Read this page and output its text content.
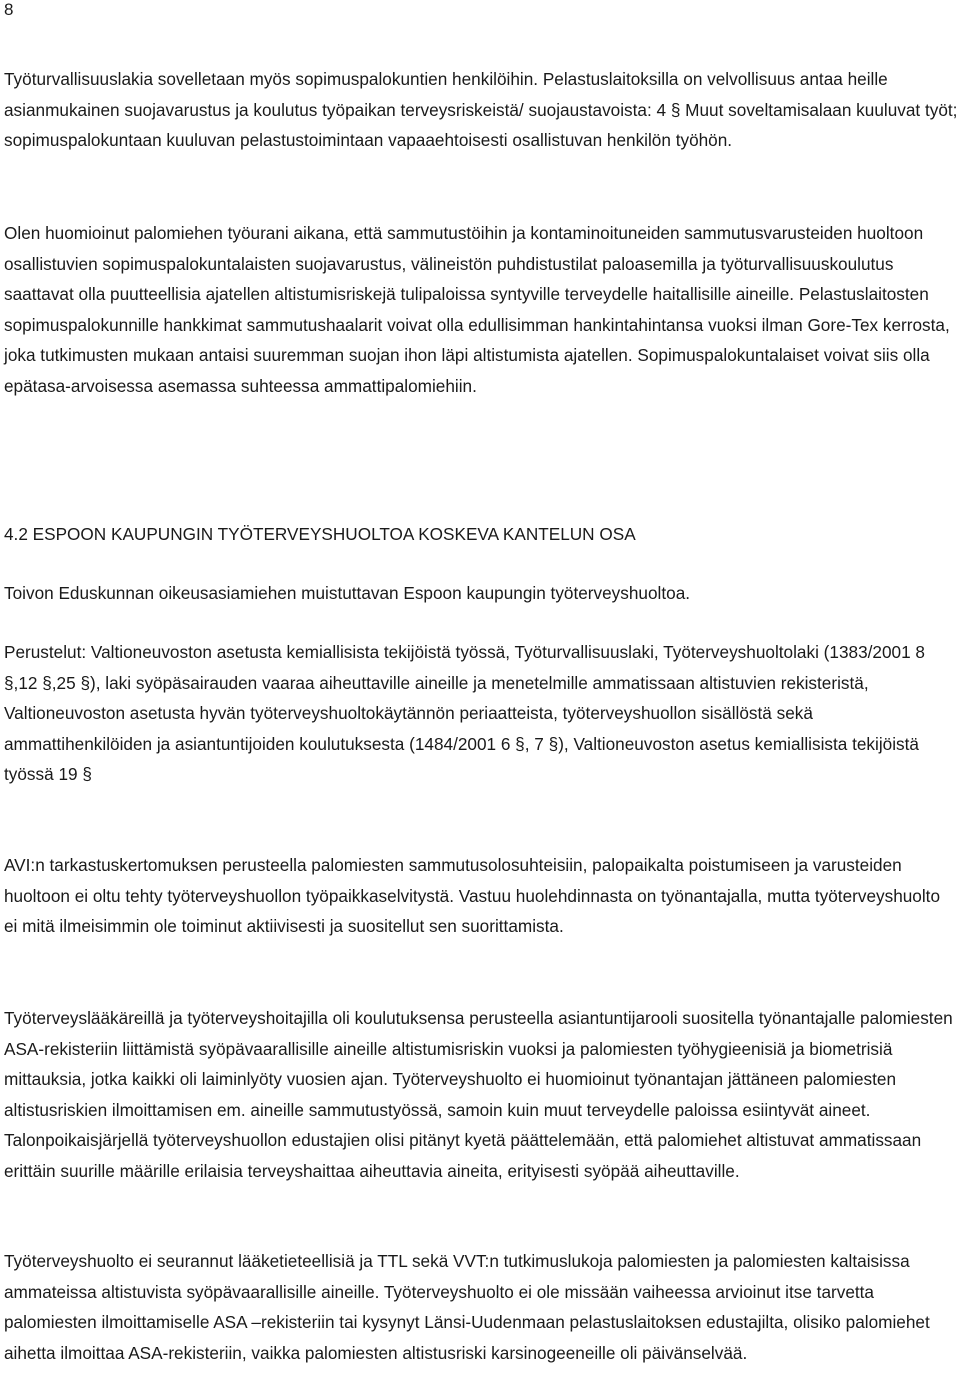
8
Työturvallisuuslakia sovelletaan myös sopimuspalokuntien henkilöihin. Pelastuslaitoksilla on velvollisuus antaa heille asianmukainen suojavarustus ja koulutus työpaikan terveysriskeistä/ suojaustavoista: 4 § Muut soveltamisalaan kuuluvat työt; sopimuspalokuntaan kuuluvan pelastustoimintaan vapaaehtoisesti osallistuvan henkilön työhön.
Olen huomioinut palomiehen työurani aikana, että sammutustöihin ja kontaminoituneiden sammutusvarusteiden huoltoon osallistuvien sopimuspalokuntalaisten suojavarustus, välineistön puhdistustilat paloasemilla ja työturvallisuuskoulutus saattavat olla puutteellisia ajatellen altistumisriskejä tulipaloissa syntyville terveydelle haitallisille aineille. Pelastuslaitosten sopimuspalokunnille hankkimat sammutushaalarit voivat olla edullisimman hankintahintansa vuoksi ilman Gore-Tex kerrosta, joka tutkimusten mukaan antaisi suuremman suojan ihon läpi altistumista ajatellen. Sopimuspalokuntalaiset voivat siis olla epätasa-arvoisessa asemassa suhteessa ammattipalomiehiin.
4.2 ESPOON KAUPUNGIN TYÖTERVEYSHUOLTOA KOSKEVA KANTELUN OSA
Toivon Eduskunnan oikeusasiamiehen muistuttavan Espoon kaupungin työterveyshuoltoa.
Perustelut: Valtioneuvoston asetusta kemiallisista tekijöistä työssä, Työturvallisuuslaki, Työterveyshuoltolaki (1383/2001 8 §,12 §,25 §), laki syöpäsairauden vaaraa aiheuttaville aineille ja menetelmille ammatissaan altistuvien rekisteristä, Valtioneuvoston asetusta hyvän työterveyshuoltokäytännön periaatteista, työterveyshuollon sisällöstä sekä ammattihenkilöiden ja asiantuntijoiden koulutuksesta (1484/2001 6 §, 7 §), Valtioneuvoston asetus kemiallisista tekijöistä työssä 19 §
AVI:n tarkastuskertomuksen perusteella palomiesten sammutusolosuhteisiin, palopaikalta poistumiseen ja varusteiden huoltoon ei oltu tehty työterveyshuollon työpaikkaselvitystä. Vastuu huolehdinnasta on työnantajalla, mutta työterveyshuolto ei mitä ilmeisimmin ole toiminut aktiivisesti ja suositellut sen suorittamista.
Työterveyslääkäreillä ja työterveyshoitajilla oli koulutuksensa perusteella asiantuntijarooli suositella työnantajalle palomiesten ASA-rekisteriin liittämistä syöpävaarallisille aineille altistumisriskin vuoksi ja palomiesten työhygieenisiä ja biometrisiä mittauksia, jotka kaikki oli laiminlyöty vuosien ajan. Työterveyshuolto ei huomioinut työnantajan jättäneen palomiesten altistusriskien ilmoittamisen em. aineille sammutustyössä, samoin kuin muut terveydelle paloissa esiintyvät aineet. Talonpoikaisjärjellä työterveyshuollon edustajien olisi pitänyt kyetä päättelemään, että palomiehet altistuvat ammatissaan erittäin suurille määrille erilaisia terveyshaittaa aiheuttavia aineita, erityisesti syöpää aiheuttaville.
Työterveyshuolto ei seurannut lääketieteellisiä ja TTL sekä VVT:n tutkimuslukoja palomiesten ja palomiesten kaltaisissa ammateissa altistuvista syöpävaarallisille aineille. Työterveyshuolto ei ole missään vaiheessa arvioinut itse tarvetta palomiesten ilmoittamiselle ASA –rekisteriin tai kysynyt Länsi-Uudenmaan pelastuslaitoksen edustajilta, olisiko palomiehet aihetta ilmoittaa ASA-rekisteriin, vaikka palomiesten altistusriski karsinogeeneille oli päivänselvää.
